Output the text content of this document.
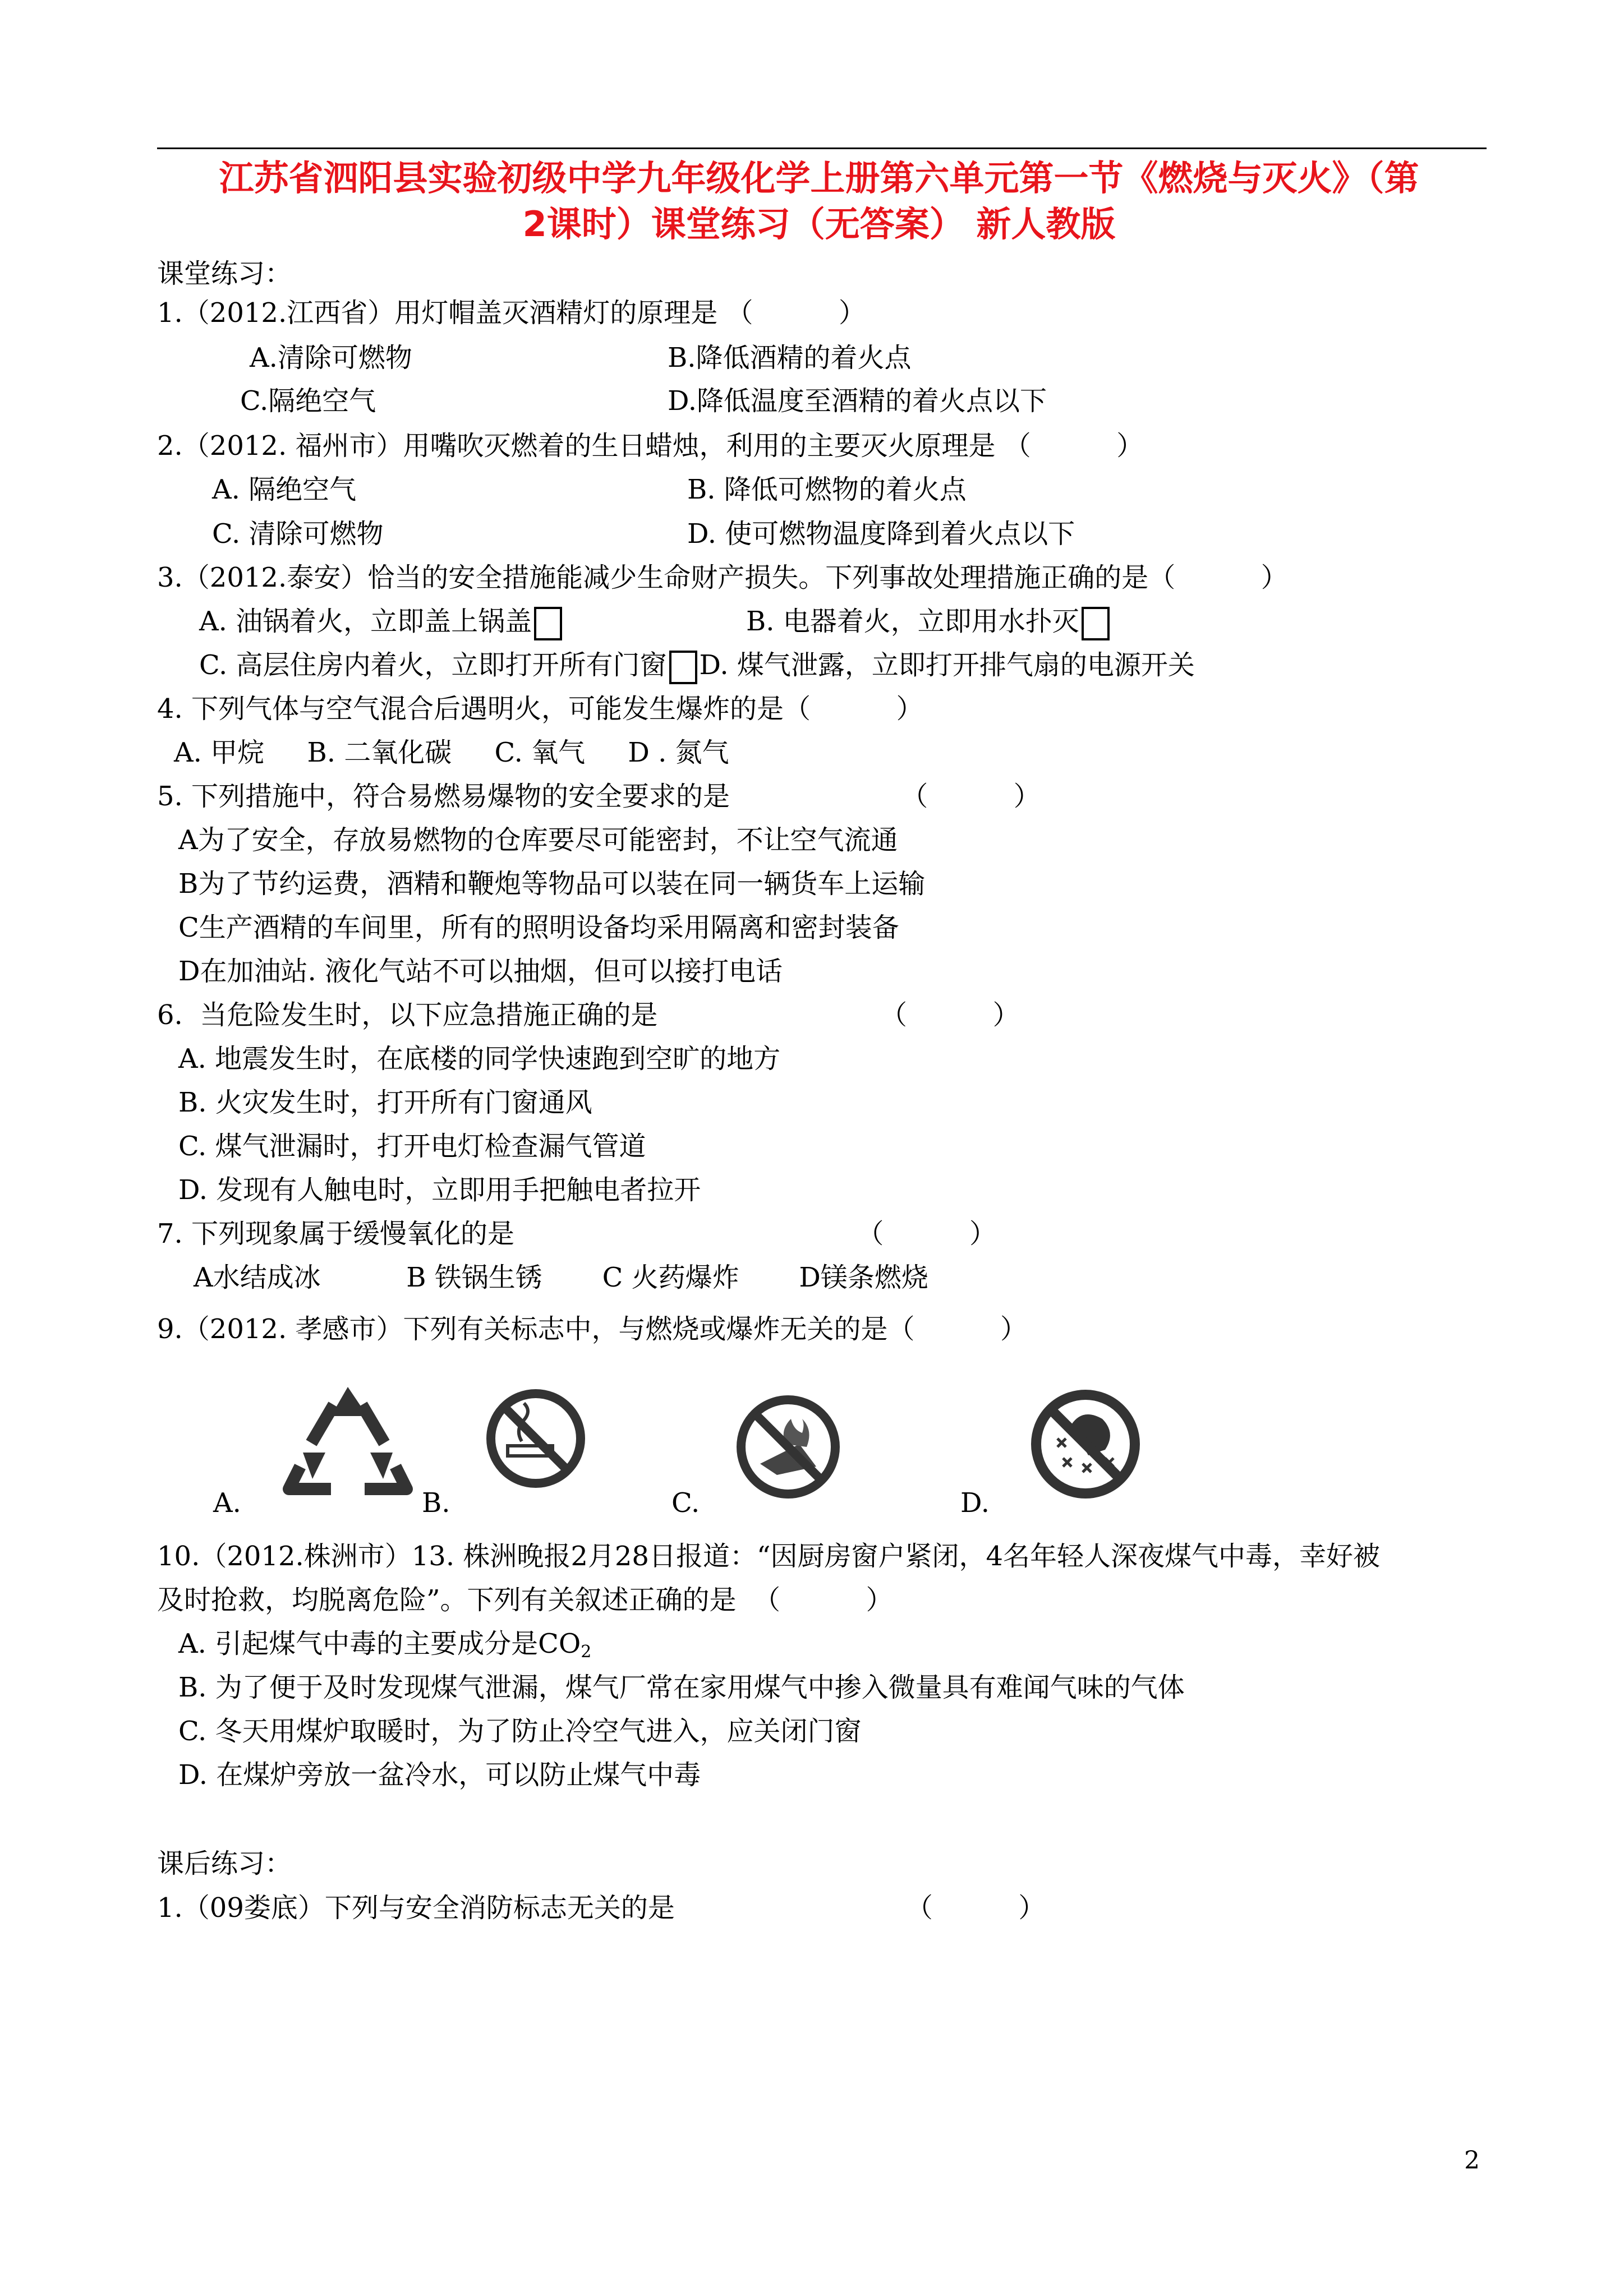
江苏省泗阳县实验初级中学九年级化学上册第六单元第一节《燃烧与灭火》（第
2课时）课堂练习（无答案） 新人教版
课堂练习：
1.（2012.江西省）用灯帽盖灭酒精灯的原理是 （          ）
A.清除可燃物	B.降低酒精的着火点
C.隔绝空气	D.降低温度至酒精的着火点以下
2.（2012. 福州市）用嘴吹灭燃着的生日蜡烛，利用的主要灭火原理是 （          ）
A. 隔绝空气	B. 降低可燃物的着火点
C. 清除可燃物	D. 使可燃物温度降到着火点以下
3.（2012.泰安）恰当的安全措施能减少生命财产损失。下列事故处理措施正确的是（          ）
A. 油锅着火，立即盖上锅盖	B. 电器着火，立即用水扑灭
C. 高层住房内着火，立即打开所有门窗 D. 煤气泄露，立即打开排气扇的电源开关
4. 下列气体与空气混合后遇明火，可能发生爆炸的是（          ）
A. 甲烷     B. 二氧化碳     C. 氧气     D . 氮气
5. 下列措施中，符合易燃易爆物的安全要求的是                    （          ）
A为了安全，存放易燃物的仓库要尽可能密封，不让空气流通
B为了节约运费，酒精和鞭炮等物品可以装在同一辆货车上运输
C生产酒精的车间里，所有的照明设备均采用隔离和密封装备
D在加油站. 液化气站不可以抽烟，但可以接打电话
6.  当危险发生时，以下应急措施正确的是                          （          ）
A. 地震发生时，在底楼的同学快速跑到空旷的地方
B. 火灾发生时，打开所有门窗通风
C. 煤气泄漏时，打开电灯检查漏气管道
D. 发现有人触电时，立即用手把触电者拉开
7. 下列现象属于缓慢氧化的是                                        （          ）
A水结成冰          B 铁锅生锈       C 火药爆炸       D镁条燃烧
9.（2012. 孝感市）下列有关标志中，与燃烧或爆炸无关的是（          ）
A.	B.	C.	D.
10.（2012.株洲市）13. 株洲晚报2月28日报道：“因厨房窗户紧闭，4名年轻人深夜煤气中毒，幸好被
及时抢救，均脱离危险”。下列有关叙述正确的是  （          ）
A. 引起煤气中毒的主要成分是$CO_2$
B. 为了便于及时发现煤气泄漏，煤气厂常在家用煤气中掺入微量具有难闻气味的气体
C. 冬天用煤炉取暖时，为了防止冷空气进入，应关闭门窗
D. 在煤炉旁放一盆冷水，可以防止煤气中毒
课后练习：
1.（09娄底）下列与安全消防标志无关的是                           （          ）
2
